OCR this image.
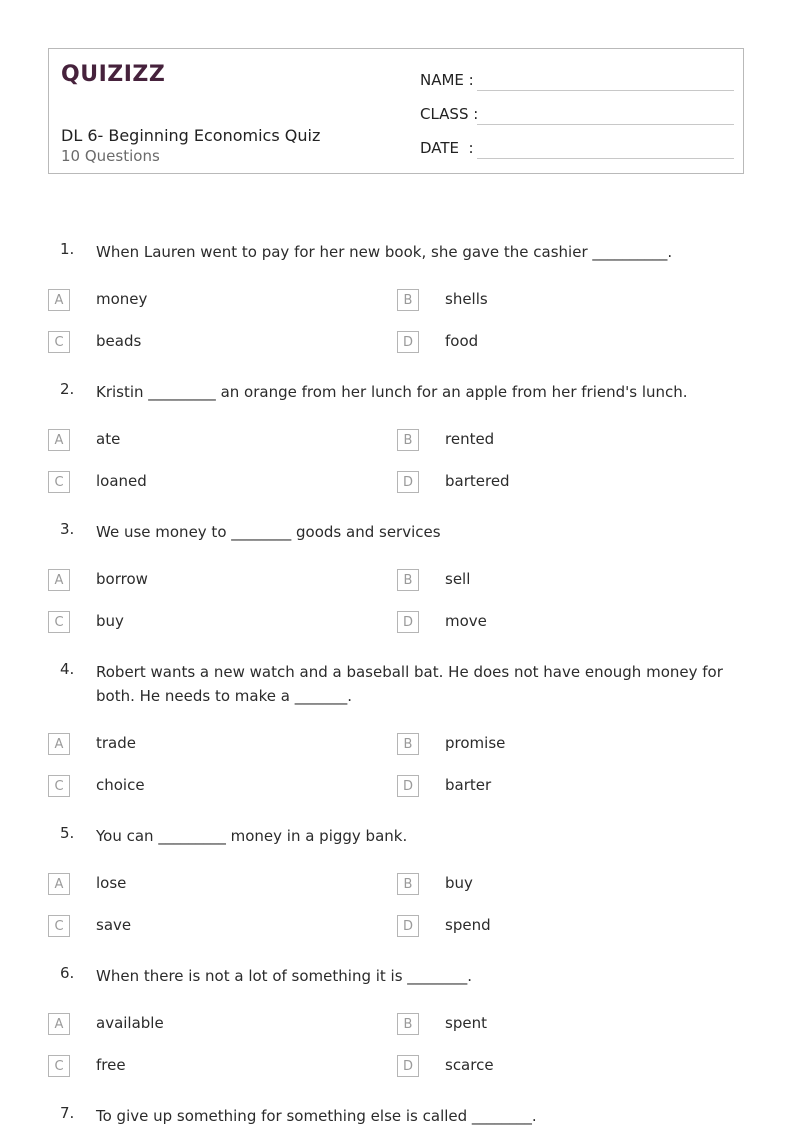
QUIZIZZ
DL 6- Beginning Economics Quiz
10 Questions
NAME :
CLASS :
DATE  :
1. When Lauren went to pay for her new book, she gave the cashier __________.
A	money	B	shells
C	beads	D	food
2. Kristin _________ an orange from her lunch for an apple from her friend's lunch.
A	ate	B	rented
C	loaned	D	bartered
3. We use money to ________ goods and services
A	borrow	B	sell
C	buy	D	move
4. Robert wants a new watch and a baseball bat. He does not have enough money for both. He needs to make a _______.
A	trade	B	promise
C	choice	D	barter
5. You can _________ money in a piggy bank.
A	lose	B	buy
C	save	D	spend
6. When there is not a lot of something it is ________.
A	available	B	spent
C	free	D	scarce
7. To give up something for something else is called ________.
